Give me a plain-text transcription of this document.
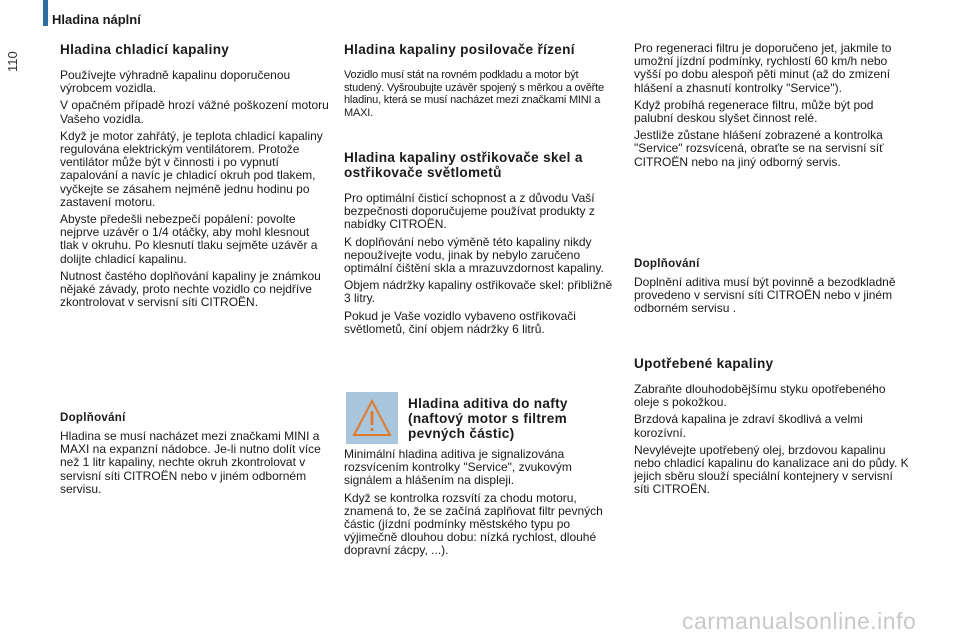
Hladina náplní
110
Hladina chladicí kapaliny

Používejte výhradně kapalinu doporučenou výrobcem vozidla.

V opačném případě hrozí vážné poškození motoru Vašeho vozidla.

Když je motor zahřátý, je teplota chladicí kapaliny regulována elektrickým ventilátorem. Protože ventilátor může být v činnosti i po vypnutí zapalování a navíc je chladicí okruh pod tlakem, vyčkejte se zásahem nejméně jednu hodinu po zastavení motoru.

Abyste předešli nebezpečí popálení: povolte nejprve uzávěr o 1/4 otáčky, aby mohl klesnout tlak v okruhu. Po klesnutí tlaku sejměte uzávěr a dolijte chladicí kapalinu.

Nutnost častého doplňování kapaliny je známkou nějaké závady, proto nechte vozidlo co nejdříve zkontrolovat v servisní síti CITROËN.

Doplňování

Hladina se musí nacházet mezi značkami MINI a MAXI na expanzní nádobce. Je-li nutno dolít více než 1 litr kapaliny, nechte okruh zkontrolovat v servisní síti CITROËN nebo v jiném odborném servisu.

Hladina kapaliny posilovače řízení

Vozidlo musí stát na rovném podkladu a motor být studený. Vyšroubujte uzávěr spojený s měrkou a ověřte hladinu, která se musí nacházet mezi značkami MINI a MAXI.

Hladina kapaliny ostřikovače skel a ostřikovače světlometů

Pro optimální čisticí schopnost a z důvodu Vaší bezpečnosti doporučujeme používat produkty z nabídky CITROËN.

K doplňování nebo výměně této kapaliny nikdy nepoužívejte vodu, jinak by nebylo zaručeno optimální čištění skla a mrazuvzdornost kapaliny.

Objem nádržky kapaliny ostřikovače skel: přibližně 3 litry.

Pokud je Vaše vozidlo vybaveno ostřikovači světlometů, činí objem nádržky 6 litrů.

Hladina aditiva do nafty (naftový motor s filtrem pevných částic)

Minimální hladina aditiva je signalizována rozsvícením kontrolky "Service", zvukovým signálem a hlášením na displeji.

Když se kontrolka rozsvítí za chodu motoru, znamená to, že se začíná zaplňovat filtr pevných částic (jízdní podmínky městského typu po výjimečně dlouhou dobu: nízká rychlost, dlouhé dopravní zácpy, ...).

Pro regeneraci filtru je doporučeno jet, jakmile to umožní jízdní podmínky, rychlostí 60 km/h nebo vyšší po dobu alespoň pěti minut (až do zmizení hlášení a zhasnutí kontrolky "Service").

Když probíhá regenerace filtru, může být pod palubní deskou slyšet činnost relé.

Jestliže zůstane hlášení zobrazené a kontrolka "Service" rozsvícená, obraťte se na servisní síť CITROËN nebo na jiný odborný servis.

Doplňování

Doplnění aditiva musí být povinně a bezodkladně provedeno v servisní síti CITROËN nebo v jiném odborném servisu .

Upotřebené kapaliny

Zabraňte dlouhodobějšímu styku opotřebeného oleje s pokožkou.

Brzdová kapalina je zdraví škodlivá a velmi korozívní.

Nevylévejte upotřebený olej, brzdovou kapalinu nebo chladicí kapalinu do kanalizace ani do půdy. K jejich sběru slouží speciální kontejnery v servisní síti CITROËN.

carmanualsonline.info
